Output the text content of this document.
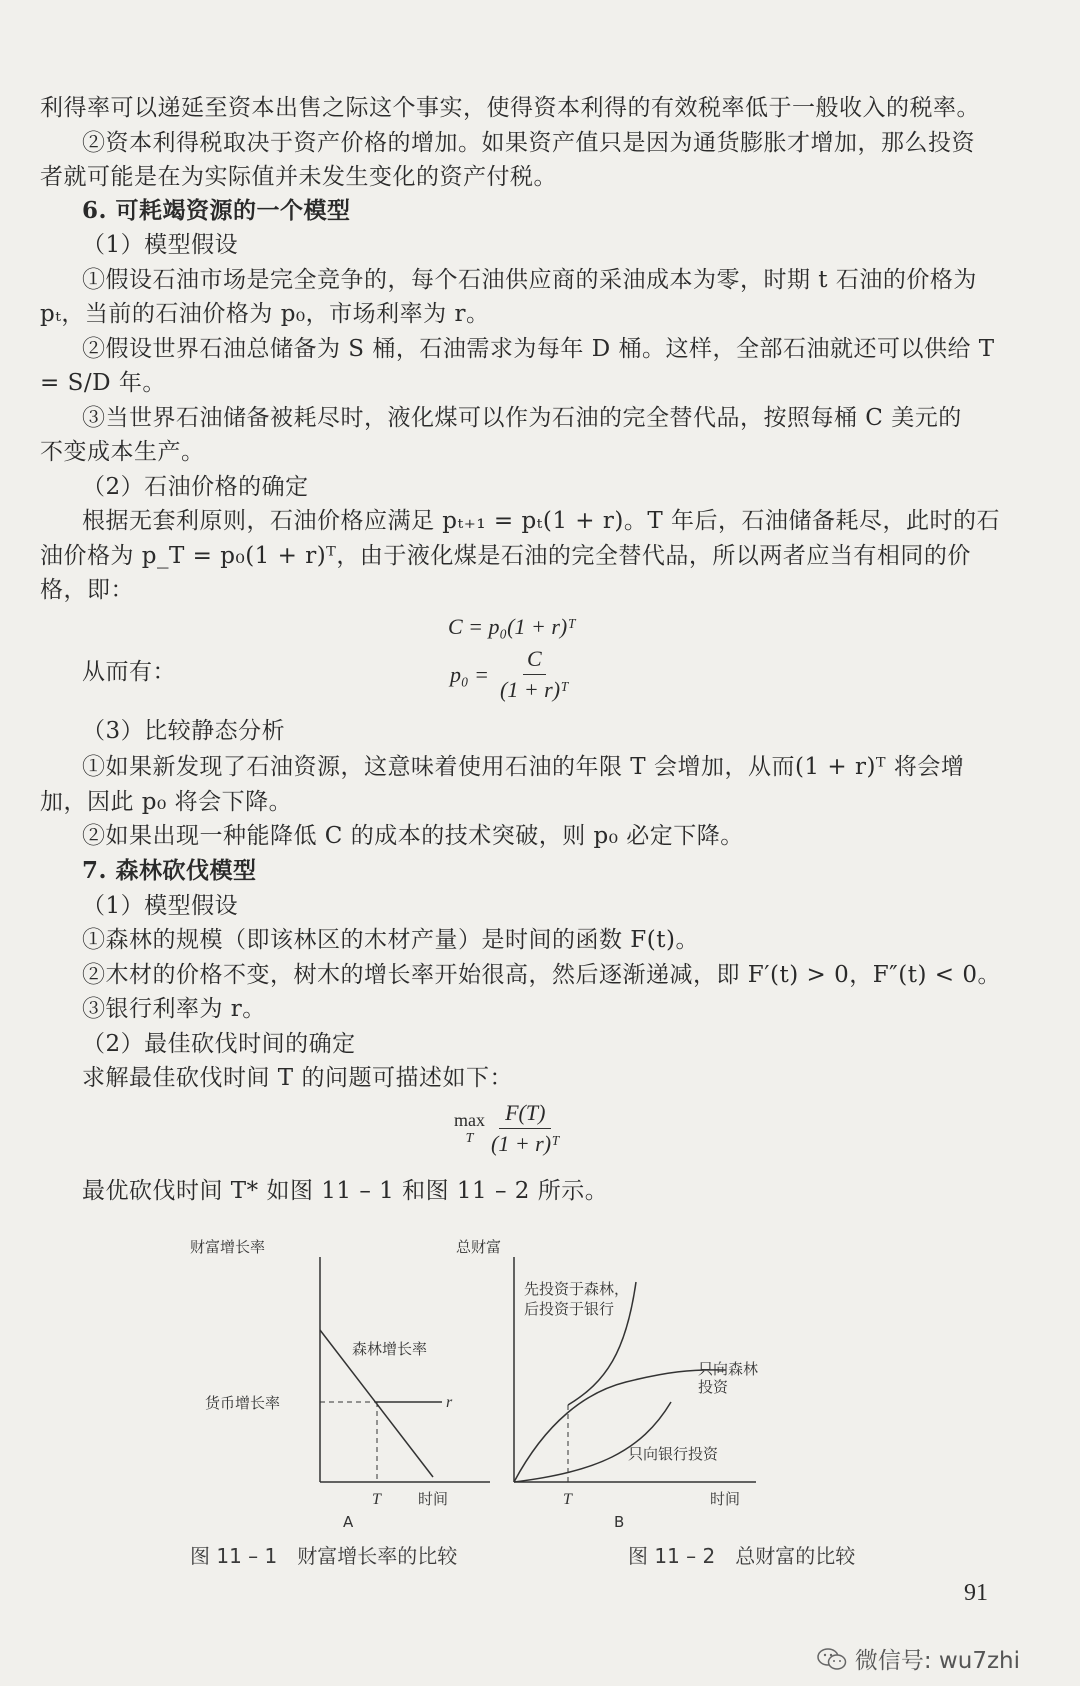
利得率可以递延至资本出售之际这个事实，使得资本利得的有效税率低于一般收入的税率。
②资本利得税取决于资产价格的增加。如果资产值只是因为通货膨胀才增加，那么投资
者就可能是在为实际值并未发生变化的资产付税。
6. 可耗竭资源的一个模型
（1）模型假设
①假设石油市场是完全竞争的，每个石油供应商的采油成本为零，时期 t 石油的价格为
pₜ，当前的石油价格为 p₀，市场利率为 r。
②假设世界石油总储备为 S 桶，石油需求为每年 D 桶。这样，全部石油就还可以供给 T
= S/D 年。
③当世界石油储备被耗尽时，液化煤可以作为石油的完全替代品，按照每桶 C 美元的
不变成本生产。
（2）石油价格的确定
根据无套利原则，石油价格应满足 pₜ₊₁ = pₜ(1 + r)。T 年后，石油储备耗尽，此时的石
油价格为 p_T = p₀(1 + r)ᵀ，由于液化煤是石油的完全替代品，所以两者应当有相同的价
格，即：
C = p₀(1 + r)ᵀ
从而有：	$p_0 = \frac{C}{\text{(1 + r)ᵀ}}$
（3）比较静态分析
①如果新发现了石油资源，这意味着使用石油的年限 T 会增加，从而(1 + r)ᵀ 将会增
加，因此 p₀ 将会下降。
②如果出现一种能降低 C 的成本的技术突破，则 p₀ 必定下降。
7. 森林砍伐模型
（1）模型假设
①森林的规模（即该林区的木材产量）是时间的函数 F(t)。
②木材的价格不变，树木的增长率开始很高，然后逐渐递减，即 F′(t) > 0，F″(t) < 0。
③银行利率为 r。
（2）最佳砍伐时间的确定
求解最佳砍伐时间 T 的问题可描述如下：
max
T $\frac{F(T)}{\text{(1 + r)ᵀ}}$
最优砍伐时间 T* 如图 11 – 1 和图 11 – 2 所示。
财富增长率
森林增长率
r
货币增长率
T 时间
A
总财富
先投资于森林，
后投资于银行
只向森林
投资
只向银行投资
T	时间
B
图 11 – 1　财富增长率的比较	图 11 – 2　总财富的比较
91
微信号: wu7zhi
